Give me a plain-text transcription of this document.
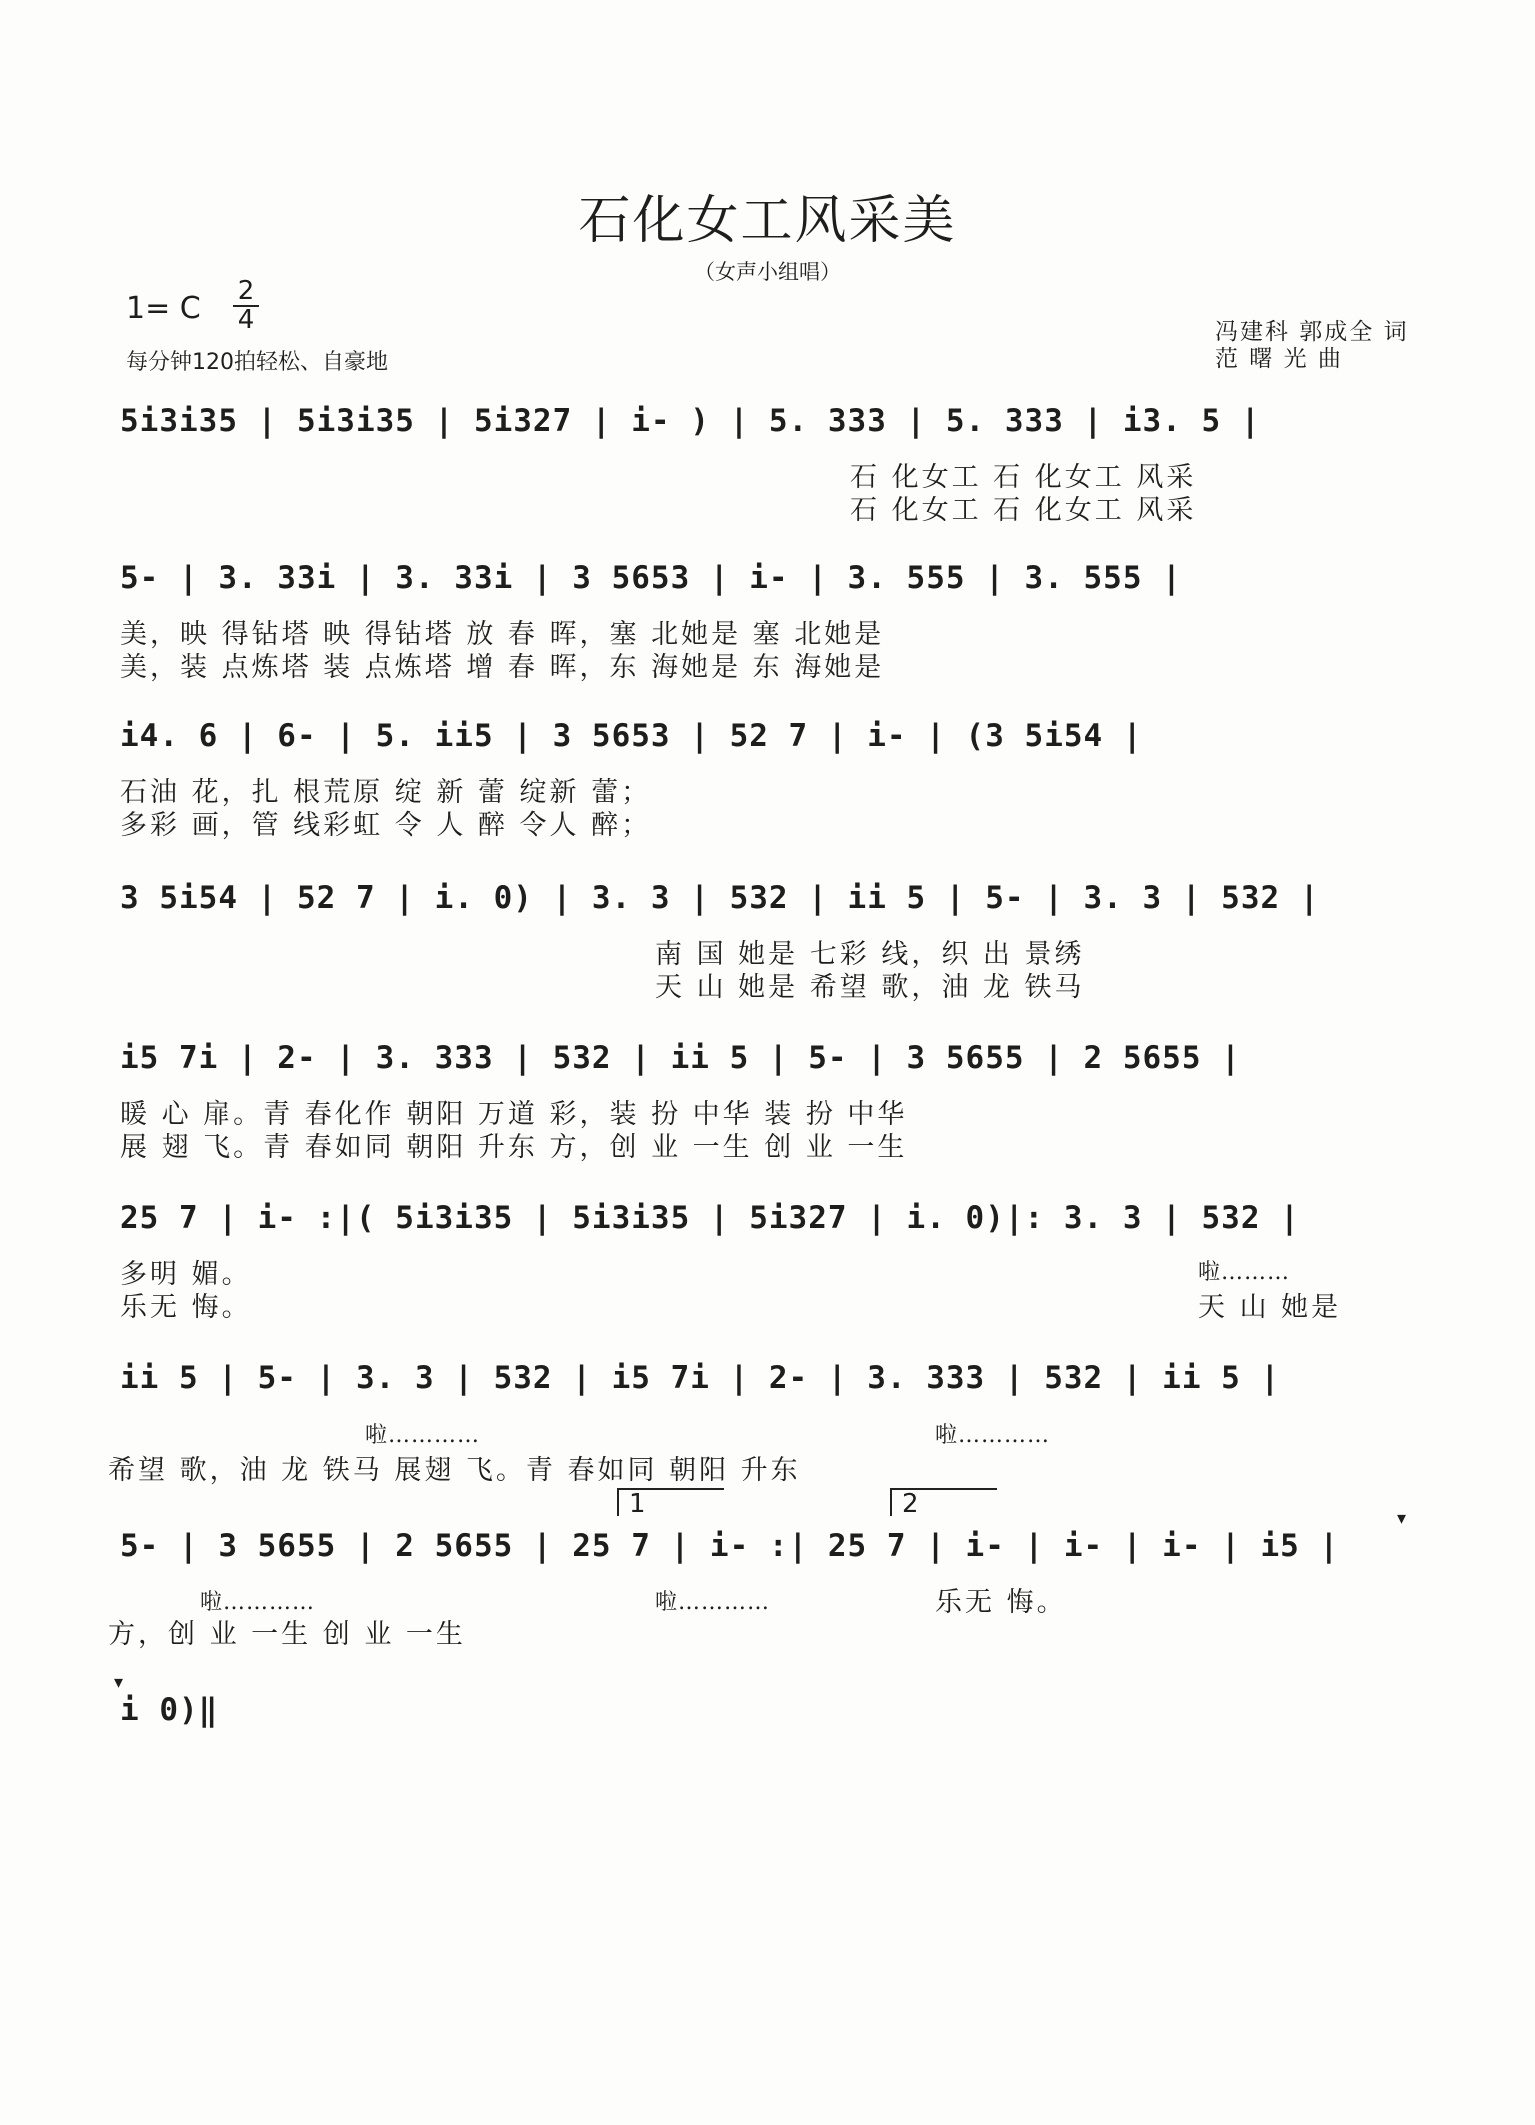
石化女工风采美
（女声小组唱）
1= C 2
4
每分钟120拍轻松、自豪地
冯建科 郭成全 词
范 曙 光 曲
5i3i35 | 5i3i35 | 5i327 | i- ) | 5. 333 | 5. 333 | i3. 5 |
石 化女工 石 化女工 风采
石 化女工 石 化女工 风采
5- | 3. 33i | 3. 33i | 3 5653 | i- | 3. 555 | 3. 555 |
美，映 得钻塔 映 得钻塔 放 春 晖，塞 北她是 塞 北她是
美，装 点炼塔 装 点炼塔 增 春 晖，东 海她是 东 海她是
i4. 6 | 6- | 5. ii5 | 3 5653 | 52 7 | i- | (3 5i54 |
石油 花，扎 根荒原 绽 新 蕾 绽新 蕾；
多彩 画，管 线彩虹 令 人 醉 令人 醉；
3 5i54 | 52 7 | i. 0) | 3. 3 | 532 | ii 5 | 5- | 3. 3 | 532 |
南 国 她是 七彩 线，织 出 景绣
天 山 她是 希望 歌，油 龙 铁马
i5 7i | 2- | 3. 333 | 532 | ii 5 | 5- | 3 5655 | 2 5655 |
暖 心 扉。青 春化作 朝阳 万道 彩，装 扮 中华 装 扮 中华
展 翅 飞。青 春如同 朝阳 升东 方，创 业 一生 创 业 一生
25 7 | i- :|( 5i3i35 | 5i3i35 | 5i327 | i. 0)|: 3. 3 | 532 |
多明 媚。
乐无 悔。
啦………
天 山 她是
ii 5 | 5- | 3. 3 | 532 | i5 7i | 2- | 3. 333 | 532 | ii 5 |
啦…………	啦…………
希望 歌，油 龙 铁马 展翅 飞。青 春如同 朝阳 升东
1	2
5- | 3 5655 | 2 5655 | 25 7 | i- :| 25 7 | i- | i- | i- | i5 |
▾
啦…………	啦…………	乐无 悔。
方，创 业 一生 创 业 一生
▾
i 0)‖
